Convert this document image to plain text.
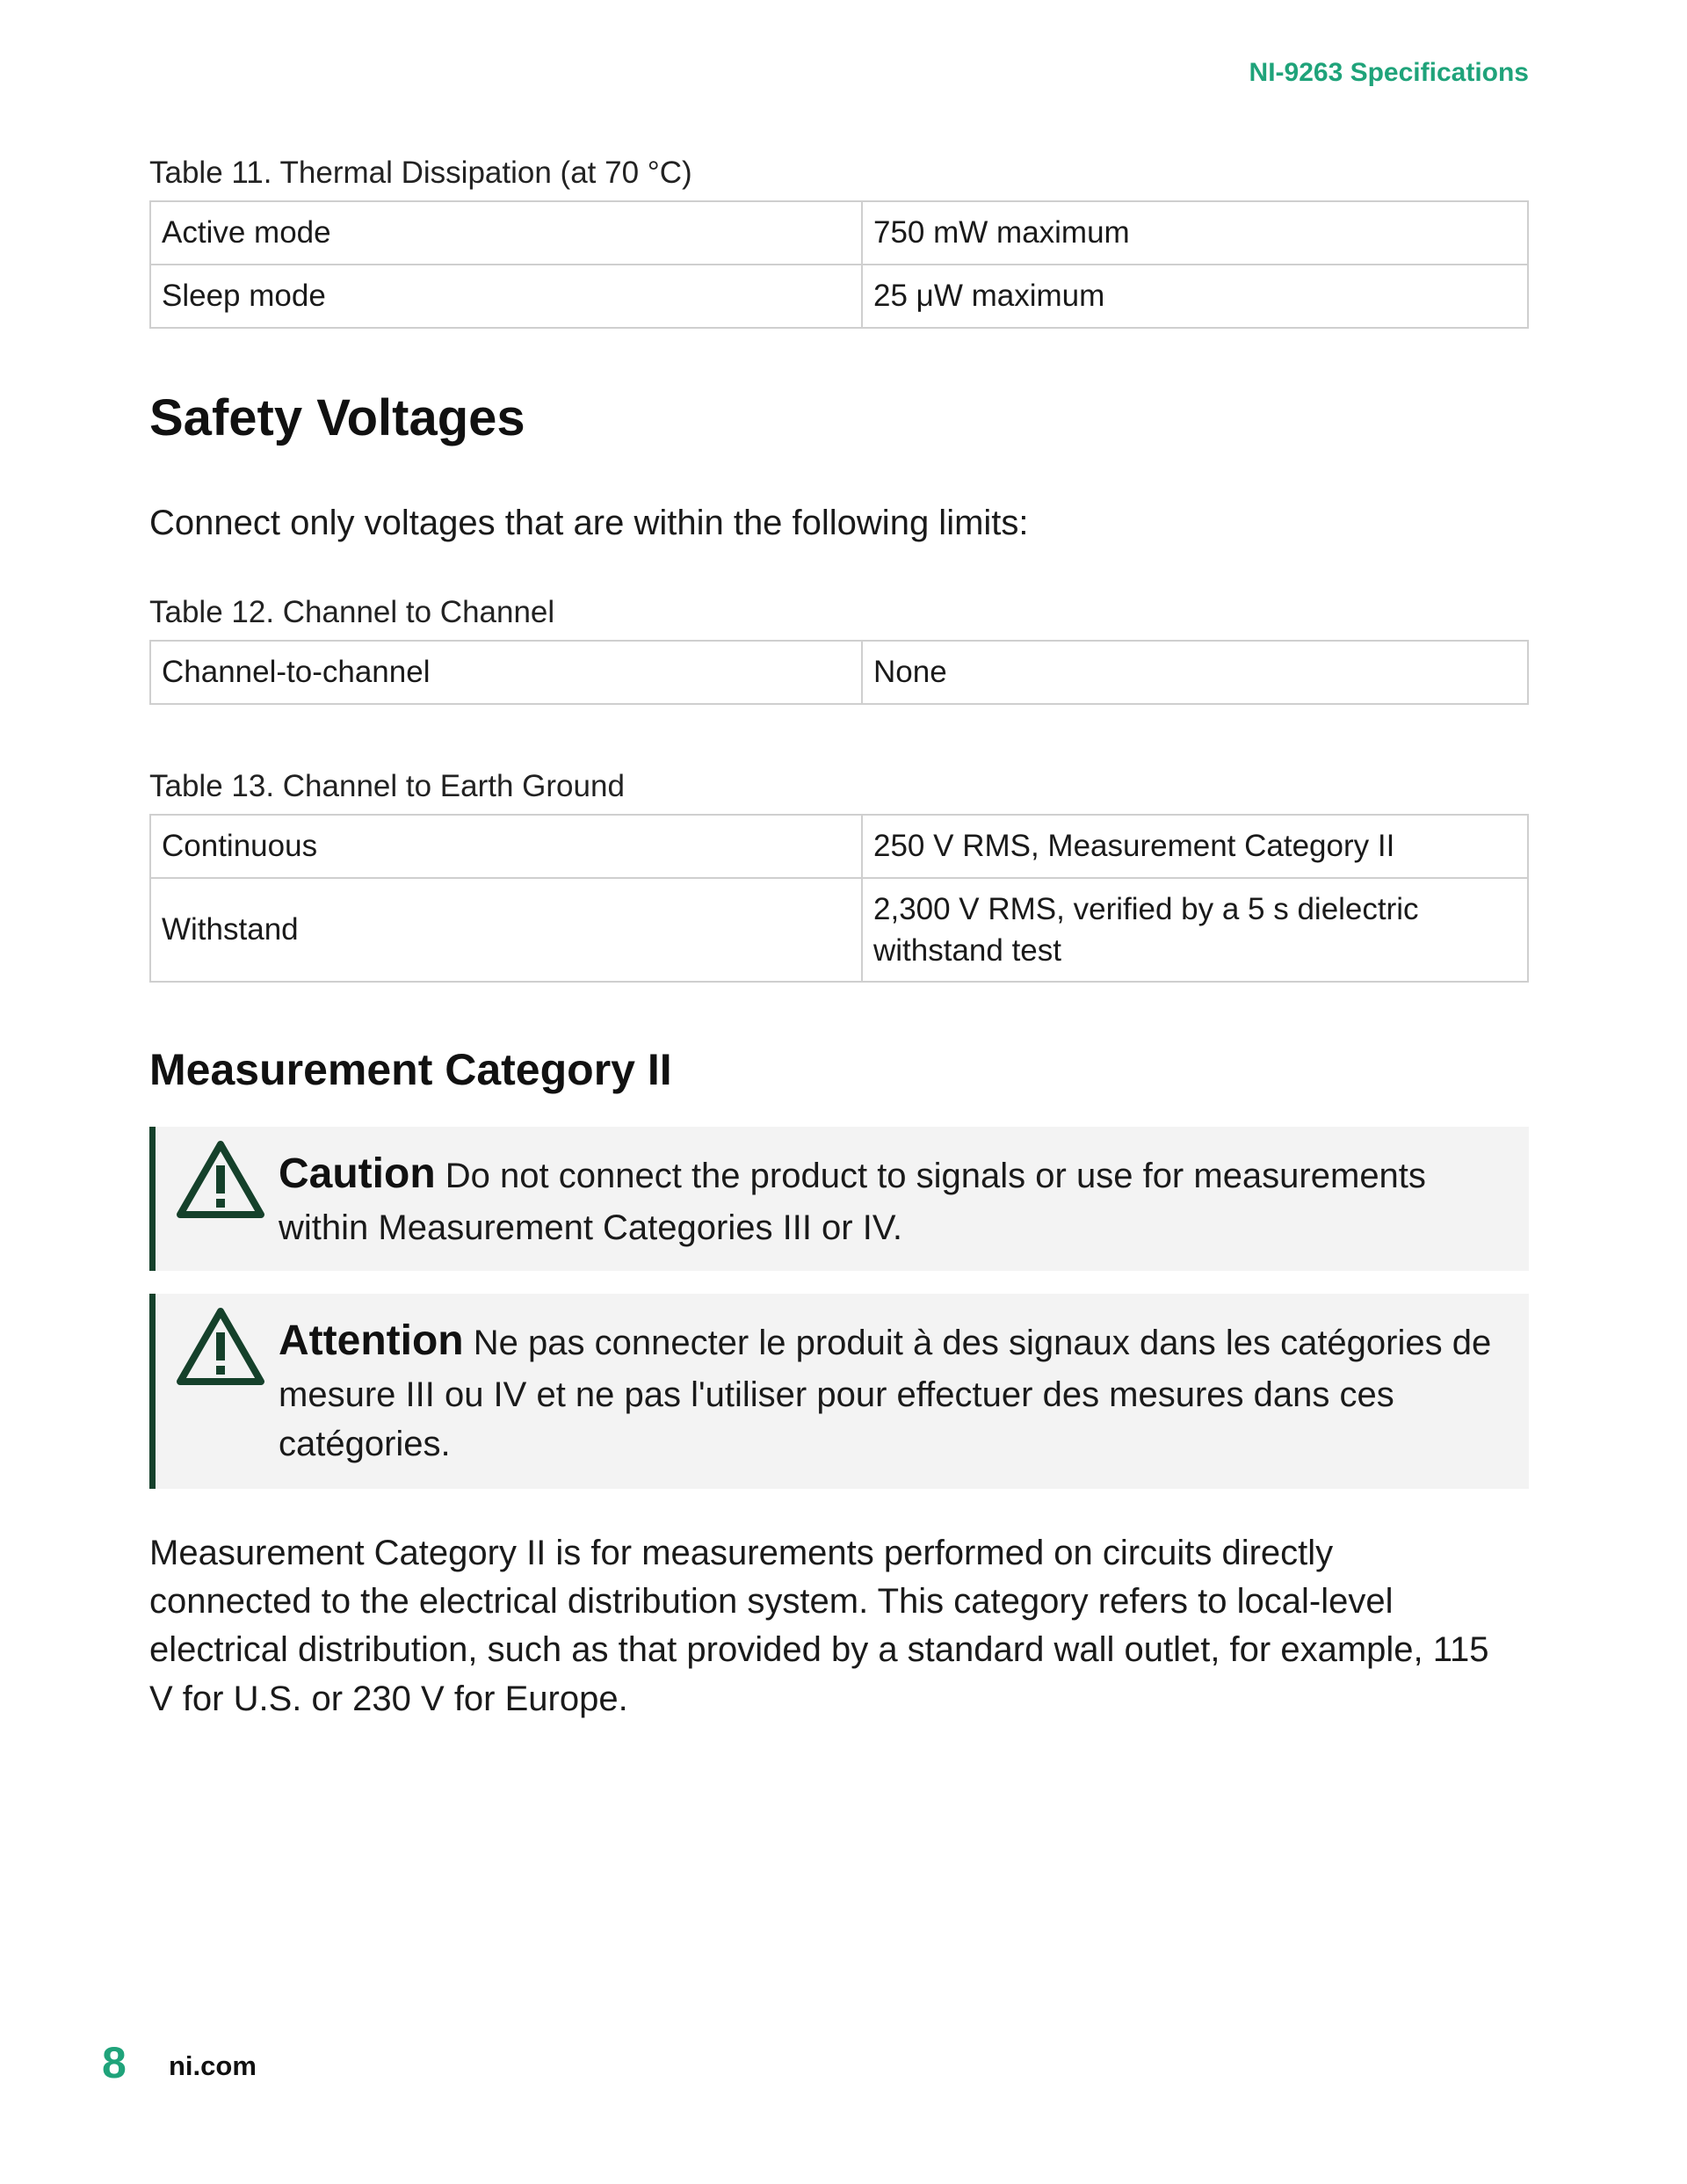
NI-9263 Specifications
Table 11. Thermal Dissipation (at 70 °C)
Active mode	750 mW maximum
Sleep mode	25 μW maximum
Safety Voltages
Connect only voltages that are within the following limits:
Table 12. Channel to Channel
Channel-to-channel	None
Table 13. Channel to Earth Ground
Continuous	250 V RMS, Measurement Category II
Withstand	2,300 V RMS, verified by a 5 s dielectric withstand test
Measurement Category II
Caution Do not connect the product to signals or use for measurements within Measurement Categories III or IV.
Attention Ne pas connecter le produit à des signaux dans les catégories de mesure III ou IV et ne pas l'utiliser pour effectuer des mesures dans ces catégories.
Measurement Category II is for measurements performed on circuits directly connected to the electrical distribution system. This category refers to local-level electrical distribution, such as that provided by a standard wall outlet, for example, 115 V for U.S. or 230 V for Europe.
8 ni.com
